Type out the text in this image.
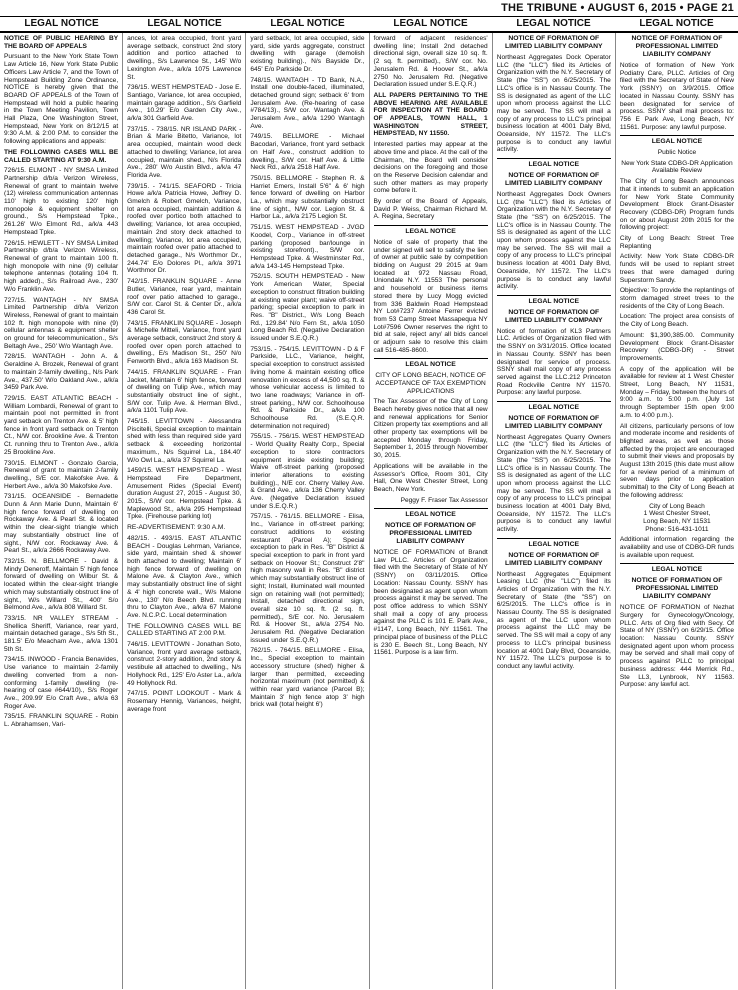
THE TRIBUNE • AUGUST 6, 2015 • PAGE 21
LEGAL NOTICE	LEGAL NOTICE	LEGAL NOTICE	LEGAL NOTICE	LEGAL NOTICE	LEGAL NOTICE

NOTICE OF PUBLIC HEARING BY THE BOARD OF APPEALS

Pursuant to the New York State Town Law Article 16, New York State Public Officers Law Article 7, and the Town of Hempstead Building Zone Ordinance, NOTICE is hereby given that the BOARD OF APPEALS of the Town of Hempstead will hold a public hearing in the Town Meeting Pavilion, Town Hall Plaza, One Washington Street, Hempstead, New York on 8/12/15 at 9:30 A.M. & 2:00 P.M. to consider the following applications and appeals:

THE FOLLOWING CASES WILL BE CALLED STARTING AT 9:30 A.M.

726/15. ELMONT - NY SMSA Limited Partnership d/b/a Verizon Wireless, Renewal of grant to maintain twelve (12) wireless communication antennas 110' high to existing 120' high monopole & equipment shelter on ground., S/s Hempstead Tpke., 261.26' W/o Elmont Rd., a/k/a 443 Hempstead Tpke.

726/15. HEWLETT - NY SMSA Limited Partnership d/b/a Verizon Wireless, Renewal of grant to maintain 100 ft. high monopole with nine (9) cellular telephone antennas (totaling 104 ft. high added)., S/s Railroad Ave., 230' W/o Franklin Ave.

727/15. WANTAGH - NY SMSA Limited Partnership d/b/a Verizon Wireless, Renewal of grant to maintain 102 ft. high monopole with nine (9) cellular antennas & equipment shelter on ground for telecommunication., S/s Beltagh Ave., 250' W/o Wantagh Ave.

728/15. WANTAGH - John A. & Geraldine A. Brozek, Renewal of grant to maintain 2-family dwelling., N/s Park Ave., 437.50' W/o Oakland Ave., a/k/a 3459 Park Ave.

729/15. EAST ATLANTIC BEACH - William Lombardi, Renewal of grant to maintain pool not permitted in front yard setback on Trenton Ave. & 5' high fence in front yard setback on Trenton Ct., N/W cor. Brookline Ave. & Trenton Ct. running thru to Trenton Ave., a/k/a 25 Brookline Ave.

730/15. ELMONT - Gonzalo Garcia, Renewal of grant to maintain 2-family dwelling., S/E cor. Makofske Ave. & Herbert Ave., a/k/a 30 Makofske Ave.

731/15. OCEANSIDE - Bernadette Dunn & Ann Marie Dunn, Maintain 6' high fence forward of dwelling on Rockaway Ave. & Pearl St. & located within the clear-sight triangle which may substantially obstruct line of sight., N/W cor. Rockaway Ave. & Pearl St., a/k/a 2666 Rockaway Ave.

732/15. N. BELLMORE - David & Mindy Deneroff, Maintain 5' high fence forward of dwelling on Wilbur St. & located within the clear-sight triangle which may substantially obstruct line of sight., W/s Willard St., 400' S/o Belmond Ave., a/k/a 808 Willard St.

733/15. NR VALLEY STREAM - Shellica Sheriff, Variance, rear yard, maintain detached garage., S/s 5th St., 181.5' E/o Meacham Ave., a/k/a 1301 5th St.

734/15. INWOOD - Francia Benavides, Use variance to maintain 2-family dwelling converted from a non-conforming 1-family dwelling (re-hearing of case #644/10)., S/s Roger Ave., 209.99' E/o Craft Ave., a/k/a 63 Roger Ave.

735/15. FRANKLIN SQUARE - Robin L. Abrahamsen, Vari-

ances, lot area occupied, front yard average setback, construct 2nd story addition and portico attached to dwelling., S/s Lawrence St., 145' W/o Lexington Ave., a/k/a 1075 Lawrence St.

736/15. WEST HEMPSTEAD - Jose E. Santiago, Variance, lot area occupied, maintain garage addition., S/s Garfield Ave., 10.29' E/o Garden City Ave., a/k/a 301 Garfield Ave.

737/15. - 738/15. NR ISLAND PARK - Brian & Marie Bitetto, Variance, lot area occupied, maintain wood deck attached to dwelling; Variance, lot area occupied, maintain shed., N/s Florida Ave., 280' W/o Austin Blvd., a/k/a 47 Florida Ave.

739/15. - 741/15. SEAFORD - Tricia Howe a/k/a Patricia Howe, Jeffrey D. Gmelch & Robert Gmelch, Variance, lot area occupied, maintain addition & roofed over portico both attached to dwelling; Variance, lot area occupied, maintain 2nd story deck attached to dwelling; Variance, lot area occupied, maintain roofed over patio attached to detached garage., N/s Worthmor Dr., 244.74' E/o Dolores Pl., a/k/a 3971 Worthmor Dr.

742/15. FRANKLIN SQUARE - Anne Butler, Variance, rear yard, maintain roof over patio attached to garage., S/W cor. Carol St. & Center Dr., a/k/a 436 Carol St.

743/15. FRANKLIN SQUARE - Joseph & Michelle Mitteli, Variance, front yard average setback, construct 2nd story & roofed over open porch attached to dwelling., E/s Madison St., 250' N/o Fenworth Blvd., a/k/a 163 Madison St.

744/15. FRANKLIN SQUARE - Fran Jacket, Maintain 6' high fence, forward of dwelling on Tulip Ave., which may substantially obstruct line of sight., S/W cor. Tulip Ave. & Herman Blvd., a/k/a 1101 Tulip Ave.

745/15. LEVITTOWN - Alessandra Piscitelli, Special exception to maintain shed with less than required side yard setback & exceeding horizontal maximum., N/s Squirrel La., 184.40' W/o Owl La., a/k/a 37 Squirrel La.

1459/15. WEST HEMPSTEAD - West Hempstead Fire Department, Amusement Rides (Special Event) duration August 27, 2015 - August 30, 2015., S/W cor. Hempstead Tpke. & Maplewood St., a/k/a 295 Hempstead Tpke. (Firehouse parking lot)

RE-ADVERTISEMENT: 9:30 A.M.

482/15. - 493/15. EAST ATLANTIC BEACH - Douglas Lehrman, Variance, side yard, maintain shed & shower both attached to dwelling; Maintain 6' high fence forward of dwelling on Malone Ave. & Clayton Ave., which may substantially obstruct line of sight & 4' high concrete wall., W/s Malone Ave., 130' N/o Beech Blvd. running thru to Clayton Ave., a/k/a 67 Malone Ave. N.C.P.C. Local determination

THE FOLLOWING CASES WILL BE CALLED STARTING AT 2:00 P.M.

746/15. LEVITTOWN - Jonathan Soto, Variance, front yard average setback, construct 2-story addition, 2nd story & vestibule all attached to dwelling., N/s Hollyhock Rd., 125' E/o Aster La., a/k/a 49 Hollyhock Rd.

747/15. POINT LOOKOUT - Mark & Rosemary Hennig, Variances, height, average front

yard setback, lot area occupied, side yard, side yards aggregate, construct dwelling with garage (demolish existing building)., N/s Bayside Dr., 645' E/o Parkside Dr.

748/15. WANTAGH - TD Bank, N.A., Install one double-faced, illuminated, detached ground sign; setback 6' from Jerusalem Ave. (Re-hearing of case #784/13)., S/W cor. Wantagh Ave. & Jerusalem Ave., a/k/a 1290 Wantagh Ave.

749/15. BELLMORE - Michael Bacodari, Variance, front yard setback on Half Ave., construct addition to dwelling., S/W cor. Half Ave. & Little Neck Rd., a/k/a 2518 Half Ave.

750/15. BELLMORE - Stephen R. & Harriet Emers, Install 5'6" & 6' high fence forward of dwelling on Harbor La., which may substantially obstruct line of sight., N/W cor. Legion St. & Harbor La., a/k/a 2175 Legion St.

751/15. WEST HEMPSTEAD - JVGD Koodel, Corp., Variance in off-street parking (proposed bar/lounge in existing storefront)., S/W cor. Hempstead Tpke. & Westminster Rd., a/k/a 143-145 Hempstead Tpke.

752/15. SOUTH HEMPSTEAD - New York American Water, Special exception to construct filtration building at existing water plant; waive off-street parking; special exception to park in Res. "B" District., W/s Long Beach Rd., 129.84' N/o Fern St., a/k/a 1050 Long Beach Rd. (Negative Declaration issued under S.E.Q.R.)

753/15. - 754/15. LEVITTOWN - D & F Parkside, LLC., Variance, height, special exception to construct assisted living home & maintain existing office renovation in excess of 44,500 sq. ft. & whose vehicular access is limited to two lane roadways; Variance in off-street parking., N/W cor. Schoolhouse Rd. & Parkside Dr., a/k/a 100 Schoolhouse Rd. (S.E.Q.R. determination not required)

755/15. - 756/15. WEST HEMPSTEAD - World Quality Realty Corp., Special exception to store contractors equipment inside existing building; Waive off-street parking (proposed interior alterations to existing building)., N/E cor. Cherry Valley Ave. & Grand Ave., a/k/a 136 Cherry Valley Ave. (Negative Declaration issued under S.E.Q.R.)

757/15. - 761/15. BELLMORE - Elisa, Inc., Variance in off-street parking; construct additions to existing restaurant (Parcel A); Special exception to park in Res. "B" District & special exception to park in front yard setback on Hoover St.; Construct 2'8" high masonry wall in Res. "B" district which may substantially obstruct line of sight; Install, illuminated wall mounted sign on retaining wall (not permitted); Install, detached directional sign, overall size 10 sq. ft. (2 sq. ft. permitted)., S/E cor. No. Jerusalem Rd. & Hoover St., a/k/a 2754 No. Jerusalem Rd. (Negative Declaration issued under S.E.Q.R.)

762/15. - 764/15. BELLMORE - Elisa, Inc., Special exception to maintain accessory structure (shed) higher & larger than permitted, exceeding horizontal maximum (not permitted) & within rear yard variance (Parcel B); Maintain 3' high fence atop 3' high brick wall (total height 6')

forward of adjacent residences' dwelling line; Install 2nd detached directional sign, overall size 10 sq. ft. (2 sq. ft. permitted)., S/W cor. No. Jerusalem Rd. & Hoover St., a/k/a 2750 No. Jerusalem Rd. (Negative Declaration issued under S.E.Q.R.)

ALL PAPERS PERTAINING TO THE ABOVE HEARING ARE AVAILABLE FOR INSPECTION AT THE BOARD OF APPEALS, TOWN HALL, 1 WASHINGTON STREET, HEMPSTEAD, NY 11550.

Interested parties may appear at the above time and place. At the call of the Chairman, the Board will consider decisions on the foregoing and those on the Reserve Decision calendar and such other matters as may properly come before it.

By order of the Board of Appeals, David P. Weiss, Chairman Richard M. A. Regina, Secretary

LEGAL NOTICE

Notice of sale of property that the under signed will sell to satisfy the lien of owner at public sale by competition bidding on August 29 2015 at 9am located at 972 Nassau Road, Uniondale N.Y. 11553 The personal and household or business items stored there by Lucy Mogg evicted from 336 Baldwin Road Hempstead NY Lot#7237 Antoine Ferrer evicted from 53 Camp Street Massapequa NY Lot#7596 Owner reserves the right to bid at sale, reject any/ all bids cancel or adjourn sale to resolve this claim call 516-485-8600.

LEGAL NOTICE

CITY OF LONG BEACH, NOTICE OF ACCEPTANCE OF TAX EXEMPTION APPLICATIONS

The Tax Assessor of the City of Long Beach hereby gives notice that all new and renewal applications for Senior Citizen property tax exemptions and all other property tax exemptions will be accepted Monday through Friday, September 1, 2015 through November 30, 2015.

Applications will be available in the Assessor's Office, Room 301, City Hall, One West Chester Street, Long Beach, New York.

Peggy F. Fraser Tax Assessor

LEGAL NOTICE

NOTICE OF FORMATION OF PROFESSIONAL LIMITED LIABILITY COMPANY

NOTICE OF FORMATION of Brandt Law PLLC. Articles of Organization filed with the Secretary of State of NY (SSNY) on 03/11/2015. Office Location: Nassau County. SSNY has been designated as agent upon whom process against it may be served. The post office address to which SSNY shall mail a copy of any process against the PLLC is 101 E. Park Ave., #1147, Long Beach, NY 11561. The principal place of business of the PLLC is 230 E. Beech St., Long Beach, NY 11561. Purpose is a law firm.

NOTICE OF FORMATION OF LIMITED LIABILITY COMPANY

Northeast Aggregates Dock Operator LLC (the "LLC") filed its Articles of Organization with the N.Y. Secretary of State (the "SS") on 6/25/2015. The LLC's office is in Nassau County. The SS is designated as agent of the LLC upon whom process against the LLC may be served. The SS will mail a copy of any process to LLC's principal business location at 4001 Daly Blvd, Oceanside, NY 11572. The LLC's purpose is to conduct any lawful activity.

LEGAL NOTICE

NOTICE OF FORMATION OF LIMITED LIABILITY COMPANY

Northeast Aggregates Dock Owners LLC (the "LLC") filed its Articles of Organization with the N.Y. Secretary of State (the "SS") on 6/25/2015. The LLC's office is in Nassau County. The SS is designated as agent of the LLC upon whom process against the LLC may be served. The SS will mail a copy of any process to LLC's principal business location at 4001 Daly Blvd, Oceanside, NY 11572. The LLC's purpose is to conduct any lawful activity.

LEGAL NOTICE

NOTICE OF FORMATION OF LIMITED LIABILITY COMPANY

Notice of formation of KL3 Partners LLC. Articles of Organization filed with the SSNY on 3/31/2015. Office located in Nassau County. SSNY has been designated for service of process. SSNY shall mail copy of any process served against the LLC.212 Princeton Road Rockville Centre NY 11570. Purpose: any lawful purpose.

LEGAL NOTICE

NOTICE OF FORMATION OF LIMITED LIABILITY COMPANY

Northeast Aggregates Quarry Owners LLC (the "LLC") filed its Articles of Organization with the N.Y. Secretary of State (the "SS") on 6/25/2015. The LLC's office is in Nassau County. The SS is designated as agent of the LLC upon whom process against the LLC may be served. The SS will mail a copy of any process to LLC's principal business location at 4001 Daly Blvd, Oceanside, NY 11572. The LLC's purpose is to conduct any lawful activity.

LEGAL NOTICE

NOTICE OF FORMATION OF LIMITED LIABILITY COMPANY

Northeast Aggregates Equipment Leasing LLC (the "LLC") filed its Articles of Organization with the N.Y. Secretary of State (the "SS") on 6/25/2015. The LLC's office is in Nassau County. The SS is designated as agent of the LLC upon whom process against the LLC may be served. The SS will mail a copy of any process to LLC's principal business location at 4001 Daly Blvd, Oceanside, NY 11572. The LLC's purpose is to conduct any lawful activity.

NOTICE OF FORMATION OF PROFESSIONAL LIMITED LIABILITY COMPANY

Notice of formation of New York Podiatry Care, PLLC. Articles of Org filed with the Secretary of State of New York (SSNY) on 3/9/2015. Office located in Nassau County. SSNY has been designated for service of process. SSNY shall mail process to: 756 E Park Ave, Long Beach, NY 11561. Purpose: any lawful purpose.

LEGAL NOTICE

Public Notice

New York State CDBG-DR Application Available Review

The City of Long Beach announces that it intends to submit an application for New York State Community Development Block Grant-Disaster Recovery (CDBG-DR) Program funds on or about August 20th 2015 for the following project:

City of Long Beach: Street Tree Replanting

Activity: New York State CDBG-DR funds will be used to replant street trees that were damaged during Superstorm Sandy.

Objective: To provide the replantings of storm damaged street trees to the residents of the City of Long Beach.

Location: The project area consists of the City of Long Beach.

Amount: $1,390,385.00. Community Development Block Grant-Disaster Recovery (CDBG-DR) - Street Improvements.

A copy of the application will be available for review at 1 West Chester Street, Long Beach, NY 11531, Monday – Friday, between the hours of 9:00 a.m. to 5:00 p.m. (July 1st through September 15th open 9:00 a.m. to 4:00 p.m.).

All citizens, particularly persons of low and moderate income and residents of blighted areas, as well as those affected by the project are encouraged to submit their views and proposals by August 13th 2015 (this date must allow for a review period of a minimum of seven days prior to application submittal) to the City of Long Beach at the following address:

City of Long Beach

1 West Chester Street,

Long Beach, NY 11531

Phone: 516-431-1011

Additional information regarding the availability and use of CDBG-DR funds is available upon request.

LEGAL NOTICE

NOTICE OF FORMATION OF PROFESSIONAL LIMITED LIABILITY COMPANY

NOTICE OF FORMATION of Nezhat Surgery for Gynecology/Oncology, PLLC. Arts of Org filed with Secy. Of State of NY (SSNY) on 6/29/15. Office location: Nassau County. SSNY designated agent upon whom process may be served and shall mail copy of process against PLLC to principal business address: 444 Merrick Rd., Ste LL3, Lynbrook, NY 11563. Purpose: any lawful act.
